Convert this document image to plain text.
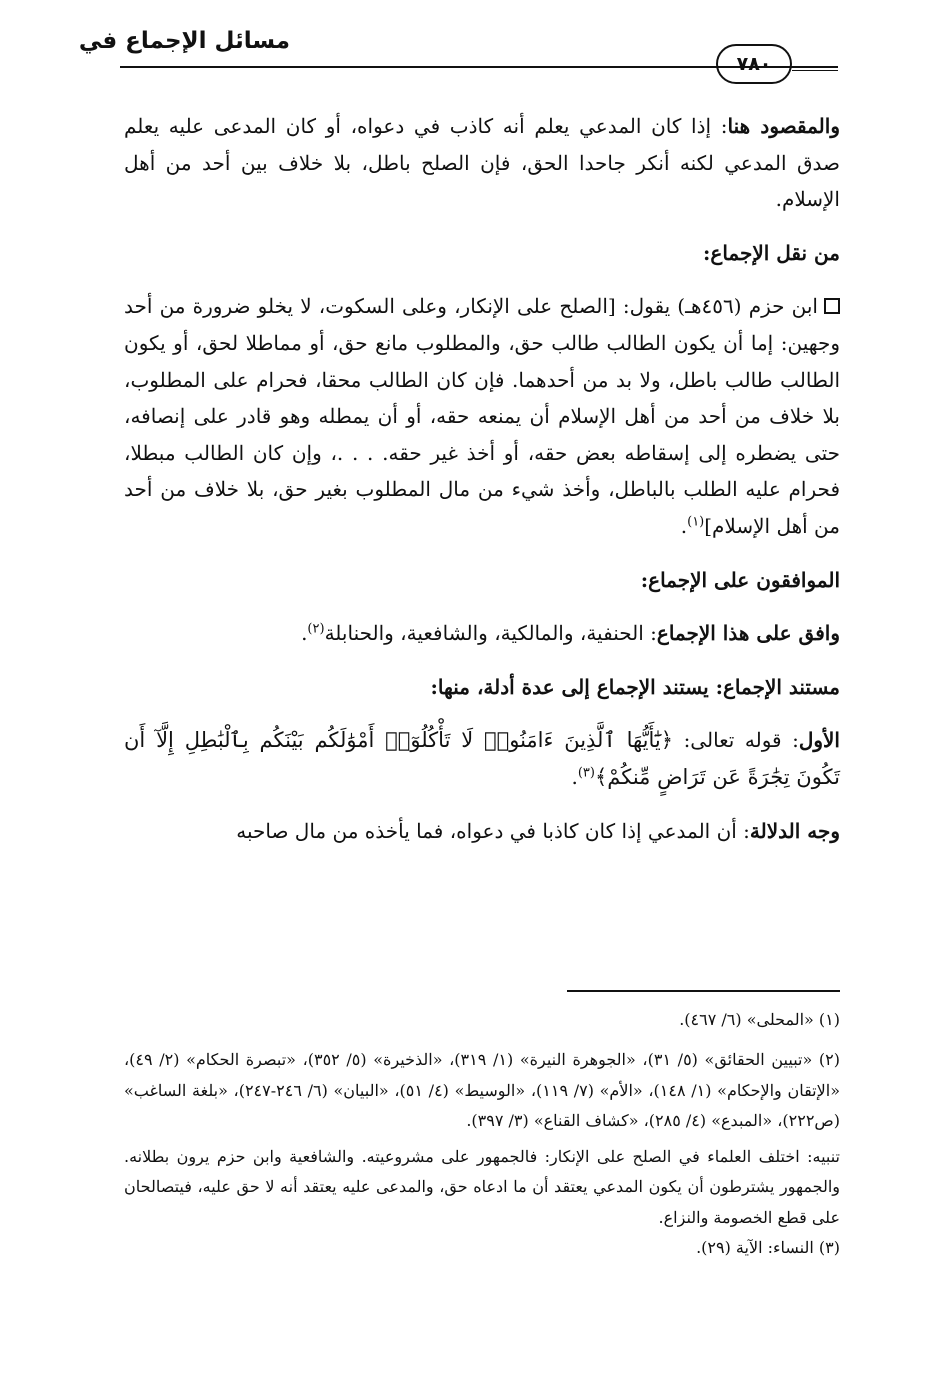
مسائل الإجماع في
٧٨٠

والمقصود هنا: إذا كان المدعي يعلم أنه كاذب في دعواه، أو كان المدعى عليه يعلم صدق المدعي لكنه أنكر جاحدا الحق، فإن الصلح باطل، بلا خلاف بين أحد من أهل الإسلام.

من نقل الإجماع:

ابن حزم (٤٥٦هـ) يقول: [الصلح على الإنكار، وعلى السكوت، لا يخلو ضرورة من أحد وجهين: إما أن يكون الطالب طالب حق، والمطلوب مانع حق، أو مماطلا لحق، أو يكون الطالب طالب باطل، ولا بد من أحدهما. فإن كان الطالب محقا، فحرام على المطلوب، بلا خلاف من أحد من أهل الإسلام أن يمنعه حقه، أو أن يمطله وهو قادر على إنصافه، حتى يضطره إلى إسقاطه بعض حقه، أو أخذ غير حقه. . . .، وإن كان الطالب مبطلا، فحرام عليه الطلب بالباطل، وأخذ شيء من مال المطلوب بغير حق، بلا خلاف من أحد من أهل الإسلام]$^{(١)}$.

الموافقون على الإجماع:

وافق على هذا الإجماع: الحنفية، والمالكية، والشافعية، والحنابلة$^{(٢)}$.

مستند الإجماع: يستند الإجماع إلى عدة أدلة، منها:

الأول: قوله تعالى: ﴿يَٰٓأَيُّهَا ٱلَّذِينَ ءَامَنُوا۟ لَا تَأْكُلُوٓا۟ أَمْوَٰلَكُم بَيْنَكُم بِٱلْبَٰطِلِ إِلَّآ أَن تَكُونَ تِجَٰرَةً عَن تَرَاضٍ مِّنكُمْ﴾$^{(٣)}$.

وجه الدلالة: أن المدعي إذا كان كاذبا في دعواه، فما يأخذه من مال صاحبه

(١) «المحلى» (٦/ ٤٦٧).

(٢) «تبيين الحقائق» (٥/ ٣١)، «الجوهرة النيرة» (١/ ٣١٩)، «الذخيرة» (٥/ ٣٥٢)، «تبصرة الحكام» (٢/ ٤٩)، «الإتقان والإحكام» (١/ ١٤٨)، «الأم» (٧/ ١١٩)، «الوسيط» (٤/ ٥١)، «البيان» (٦/ ٢٤٦-٢٤٧)، «بلغة الساغب» (ص٢٢٢)، «المبدع» (٤/ ٢٨٥)، «كشاف القناع» (٣/ ٣٩٧).

تنبيه: اختلف العلماء في الصلح على الإنكار: فالجمهور على مشروعيته. والشافعية وابن حزم يرون بطلانه. والجمهور يشترطون أن يكون المدعي يعتقد أن ما ادعاه حق، والمدعى عليه يعتقد أنه لا حق عليه، فيتصالحان على قطع الخصومة والنزاع.

(٣) النساء: الآية (٢٩).
